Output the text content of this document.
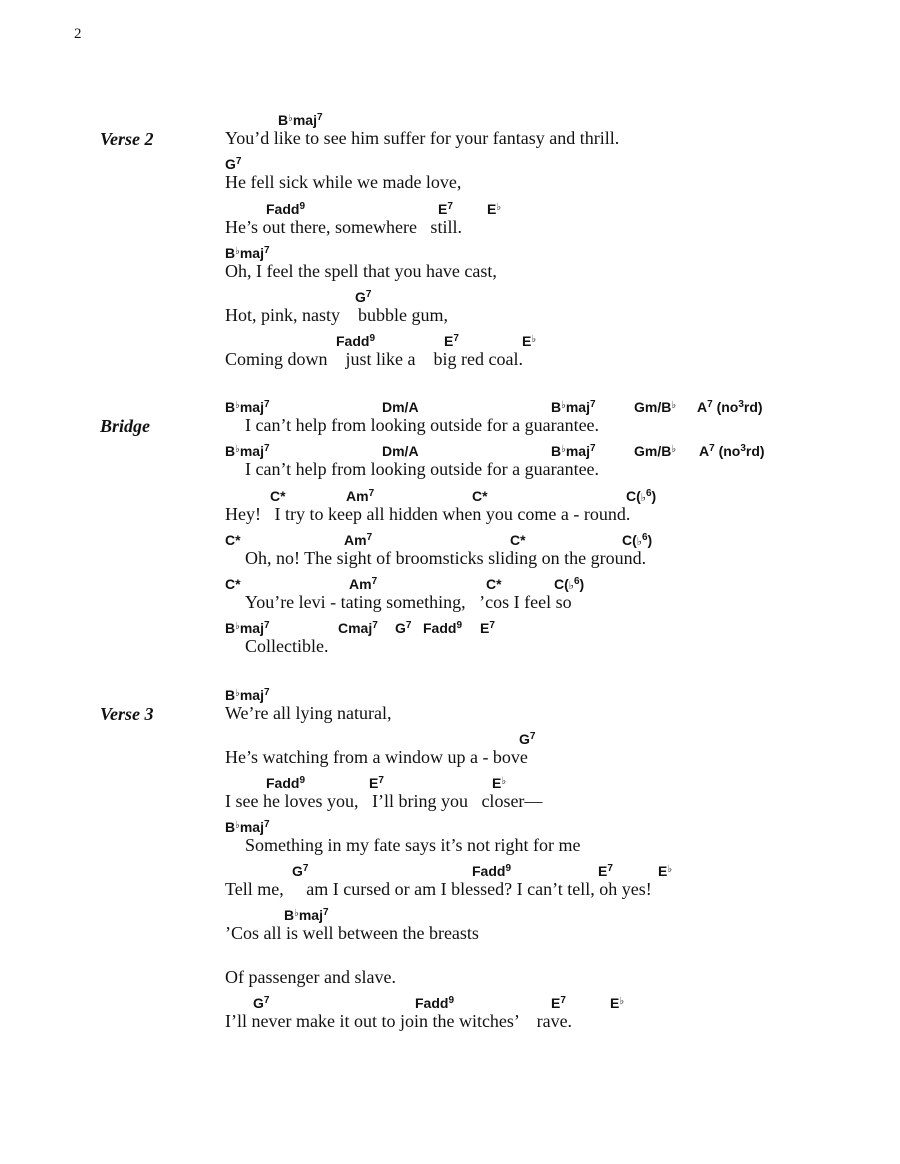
2
Verse 2
Bridge
Verse 3
B♭maj$^7$
You’d like to see him suffer for your fantasy and thrill.
$G^7$
He fell sick while we made love,
Fadd$^9$	$E^7$ E♭
He’s out there, somewhere   still.
B♭maj$^7$
Oh, I feel the spell that you have cast,
$G^7$
Hot, pink, nasty    bubble gum,
Fadd$^9$	$E^7$	E♭
Coming down    just like a    big red coal.
B♭maj$^7$	Dm/A	B♭maj$^7$	Gm/B♭ $A^7$ $(no^3rd)$
I can’t help from looking outside for a guarantee.
B♭maj$^7$	Dm/A	B♭maj$^7$	Gm/B♭ $A^7$ $(no^3rd)$
I can’t help from looking outside for a guarantee.
C*	Am$^7$	C*	C(♭$^6$)
Hey!   I try to keep all hidden when you come a - round.
C*	Am$^7$	C*	C(♭$^6$)
Oh, no! The sight of broomsticks sliding on the ground.
C*	Am$^7$	C*	C(♭$^6$)
You’re levi - tating something,   ’cos I feel so
B♭maj$^7$	Cmaj$^7$ $G^7$ Fadd$^9$ $E^7$
Collectible.
B♭maj$^7$
We’re all lying natural,
$G^7$
He’s watching from a window up a - bove
Fadd$^9$	$E^7$	E♭
I see he loves you,   I’ll bring you   closer—
B♭maj$^7$
Something in my fate says it’s not right for me
$G^7$	Fadd$^9$	$E^7$	E♭
Tell me,     am I cursed or am I blessed? I can’t tell, oh yes!
B♭maj$^7$
’Cos all is well between the breasts
Of passenger and slave.
$G^7$	Fadd$^9$	$E^7$	E♭
I’ll never make it out to join the witches’    rave.
